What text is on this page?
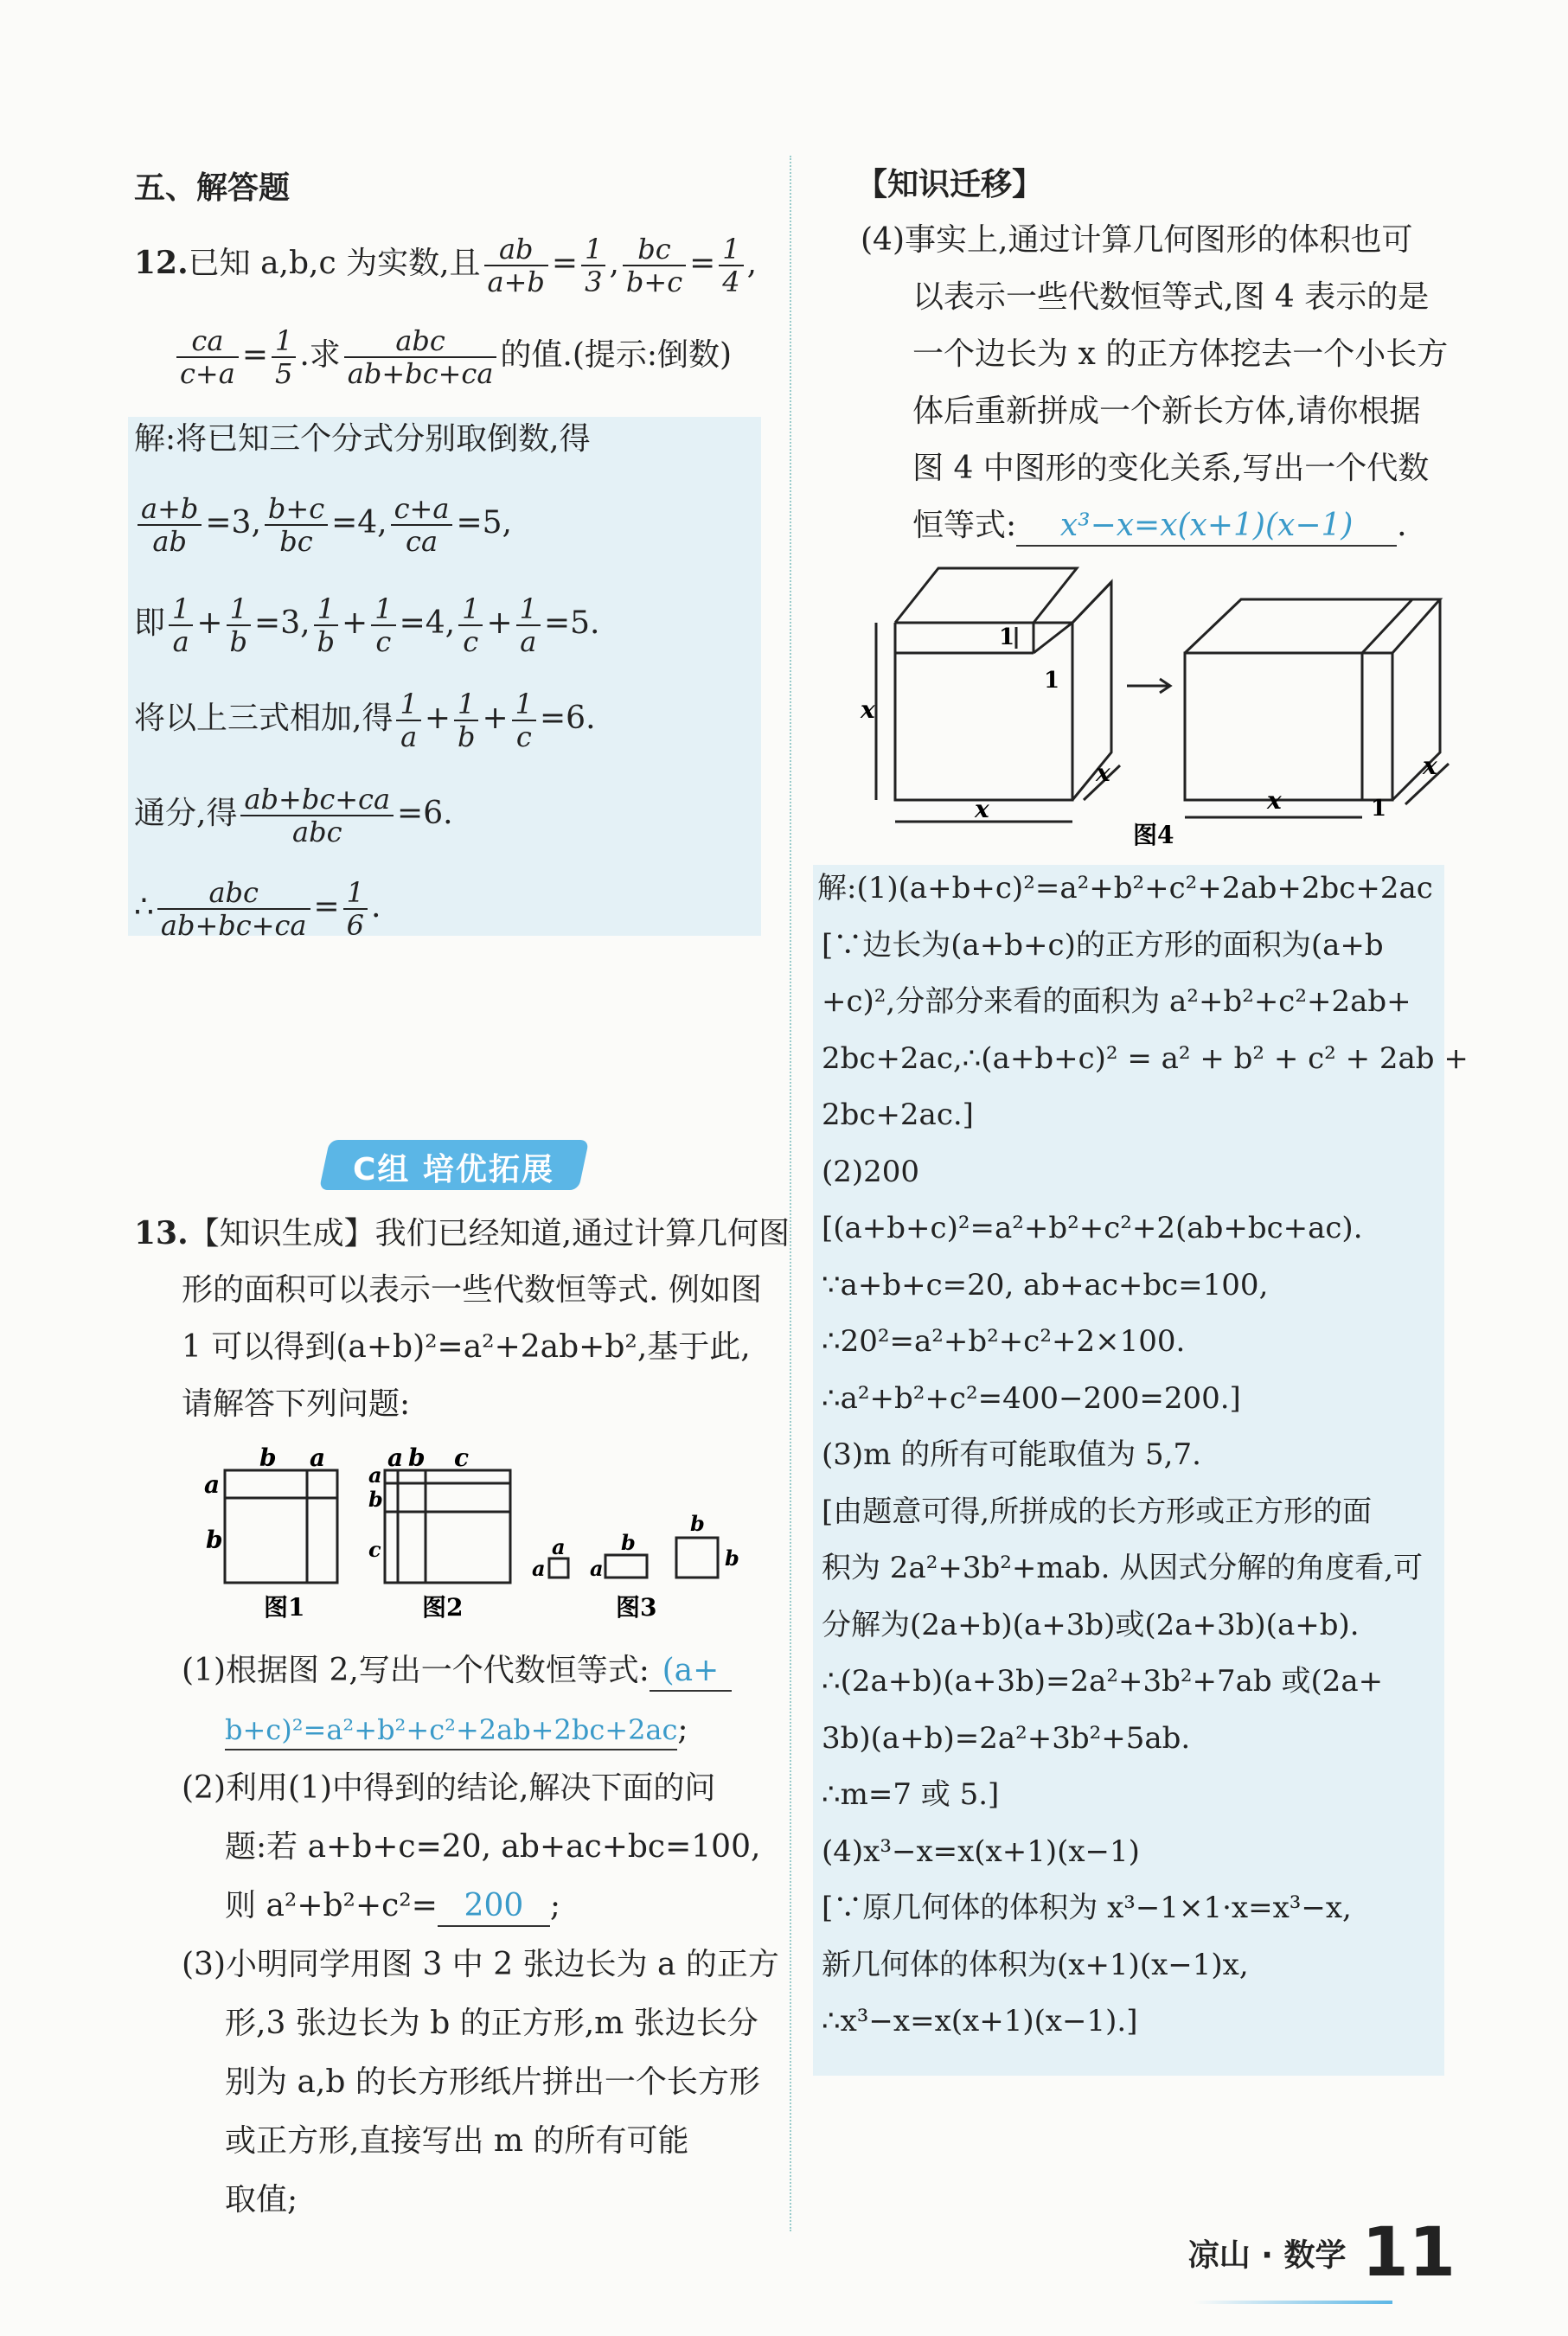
五、解答题
12.已知 a,b,c 为实数,且 $\frac{ab}{a+b} = \frac{1}{3}$ , $\frac{bc}{b+c} = \frac{1}{4}$ ,
$\frac{ca}{c+a} = \frac{1}{5}$ .求 $\frac{\text{abc}}{ab+bc+ca}$ 的值.(提示:倒数)
解:将已知三个分式分别取倒数,得
$\frac{a+b}{ab} =3$, $\frac{b+c}{bc} =4$, $\frac{c+a}{ca} =5$,
即 $\frac{1}{a} + \frac{1}{b} =3$, $\frac{1}{b} + \frac{1}{c} =4$, $\frac{1}{c} + \frac{1}{a} =5$.
将以上三式相加,得 $\frac{1}{a} + \frac{1}{b} + \frac{1}{c} =6$.
通分,得 $\frac{ab+bc+ca}{\text{abc}} =6$.
∴ $\frac{\text{abc}}{ab+bc+ca} = \frac{1}{6}$ .
C组 培优拓展
13.【知识生成】我们已经知道,通过计算几何图
形的面积可以表示一些代数恒等式. 例如图
1 可以得到(a+b)²=a²+2ab+b²,基于此,
请解答下列问题:
b a
a
b
图1
a b c
a
b
c
图2
a
a
b
a
b
b
图3
(1)根据图 2,写出一个代数恒等式: (a+
b+c)²=a²+b²+c²+2ab+2bc+2ac;
(2)利用(1)中得到的结论,解决下面的问
题:若 a+b+c=20, ab+ac+bc=100,
则 a²+b²+c²= 200 ;
(3)小明同学用图 3 中 2 张边长为 a 的正方
形,3 张边长为 b 的正方形,m 张边长分
别为 a,b 的长方形纸片拼出一个长方形
或正方形,直接写出 m 的所有可能
取值;
【知识迁移】
(4)事实上,通过计算几何图形的体积也可
以表示一些代数恒等式,图 4 表示的是
一个边长为 x 的正方体挖去一个小长方
体后重新拼成一个新长方体,请你根据
图 4 中图形的变化关系,写出一个代数
恒等式: x³−x=x(x+1)(x−1) .
x
x
x
1
1
x	1
x
图4
解:(1)(a+b+c)²=a²+b²+c²+2ab+2bc+2ac
[∵边长为(a+b+c)的正方形的面积为(a+b
+c)²,分部分来看的面积为 a²+b²+c²+2ab+
2bc+2ac,∴(a+b+c)² = a² + b² + c² + 2ab +
2bc+2ac.]
(2)200
[(a+b+c)²=a²+b²+c²+2(ab+bc+ac).
∵a+b+c=20, ab+ac+bc=100,
∴20²=a²+b²+c²+2×100.
∴a²+b²+c²=400−200=200.]
(3)m 的所有可能取值为 5,7.
[由题意可得,所拼成的长方形或正方形的面
积为 2a²+3b²+mab. 从因式分解的角度看,可
分解为(2a+b)(a+3b)或(2a+3b)(a+b).
∴(2a+b)(a+3b)=2a²+3b²+7ab 或(2a+
3b)(a+b)=2a²+3b²+5ab.
∴m=7 或 5.]
(4)x³−x=x(x+1)(x−1)
[∵原几何体的体积为 x³−1×1·x=x³−x,
新几何体的体积为(x+1)(x−1)x,
∴x³−x=x(x+1)(x−1).]
凉山 · 数学 11
